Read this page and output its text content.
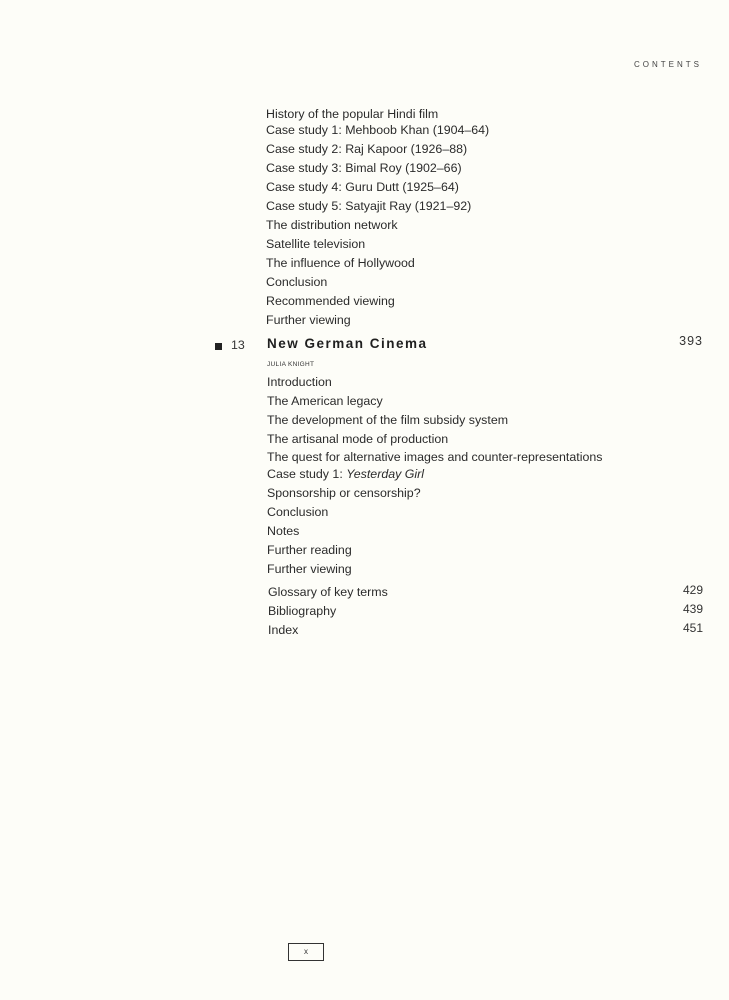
CONTENTS
History of the popular Hindi film
Case study 1: Mehboob Khan (1904–64)
Case study 2: Raj Kapoor (1926–88)
Case study 3: Bimal Roy (1902–66)
Case study 4: Guru Dutt (1925–64)
Case study 5: Satyajit Ray (1921–92)
The distribution network
Satellite television
The influence of Hollywood
Conclusion
Recommended viewing
Further viewing
13 New German Cinema	393
JULIA KNIGHT
Introduction
The American legacy
The development of the film subsidy system
The artisanal mode of production
The quest for alternative images and counter-representations
Case study 1: Yesterday Girl
Sponsorship or censorship?
Conclusion
Notes
Further reading
Further viewing
Glossary of key terms	429
Bibliography	439
Index	451
x
